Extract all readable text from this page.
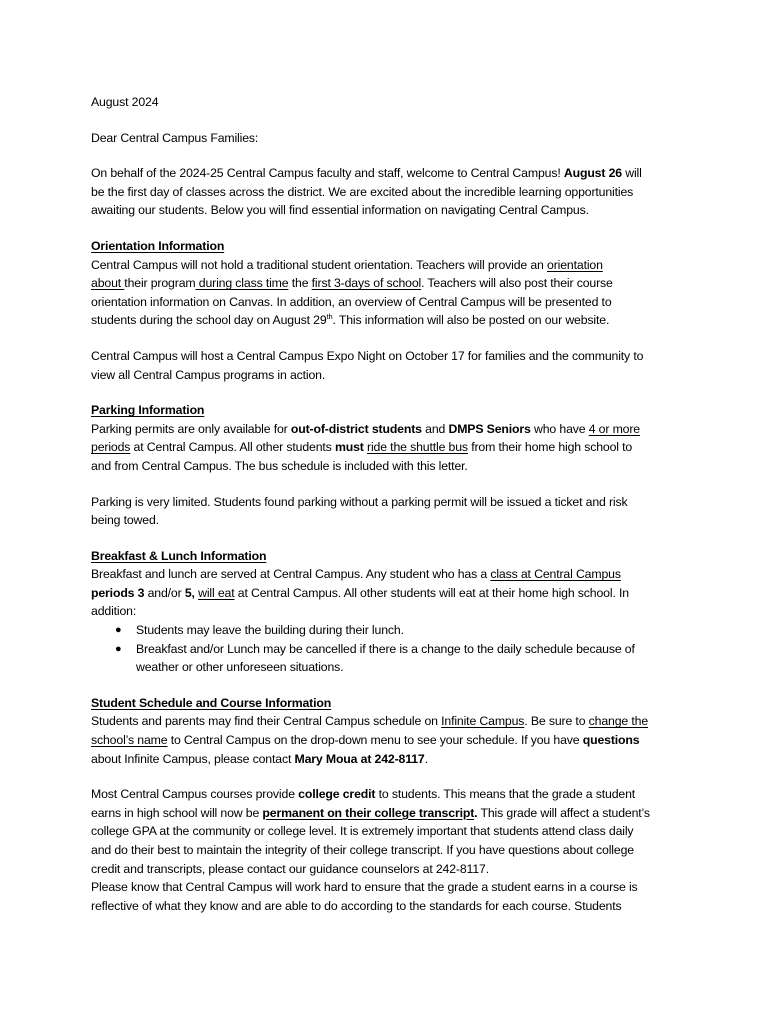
August 2024
Dear Central Campus Families:
On behalf of the 2024-25 Central Campus faculty and staff, welcome to Central Campus! August 26 will
be the first day of classes across the district. We are excited about the incredible learning opportunities
awaiting our students. Below you will find essential information on navigating Central Campus.
Orientation Information
Central Campus will not hold a traditional student orientation. Teachers will provide an orientation
about their program during class time the first 3-days of school. Teachers will also post their course
orientation information on Canvas. In addition, an overview of Central Campus will be presented to
students during the school day on August 29th. This information will also be posted on our website.
Central Campus will host a Central Campus Expo Night on October 17 for families and the community to
view all Central Campus programs in action.
Parking Information
Parking permits are only available for out-of-district students and DMPS Seniors who have 4 or more
periods at Central Campus. All other students must ride the shuttle bus from their home high school to
and from Central Campus. The bus schedule is included with this letter.
Parking is very limited. Students found parking without a parking permit will be issued a ticket and risk
being towed.
Breakfast & Lunch Information
Breakfast and lunch are served at Central Campus. Any student who has a class at Central Campus
periods 3 and/or 5, will eat at Central Campus. All other students will eat at their home high school. In
addition:
● Students may leave the building during their lunch.
● Breakfast and/or Lunch may be cancelled if there is a change to the daily schedule because of
weather or other unforeseen situations.
Student Schedule and Course Information
Students and parents may find their Central Campus schedule on Infinite Campus. Be sure to change the
school’s name to Central Campus on the drop-down menu to see your schedule. If you have questions
about Infinite Campus, please contact Mary Moua at 242-8117.
Most Central Campus courses provide college credit to students. This means that the grade a student
earns in high school will now be permanent on their college transcript. This grade will affect a student’s
college GPA at the community or college level. It is extremely important that students attend class daily
and do their best to maintain the integrity of their college transcript. If you have questions about college
credit and transcripts, please contact our guidance counselors at 242-8117.
Please know that Central Campus will work hard to ensure that the grade a student earns in a course is
reflective of what they know and are able to do according to the standards for each course. Students
